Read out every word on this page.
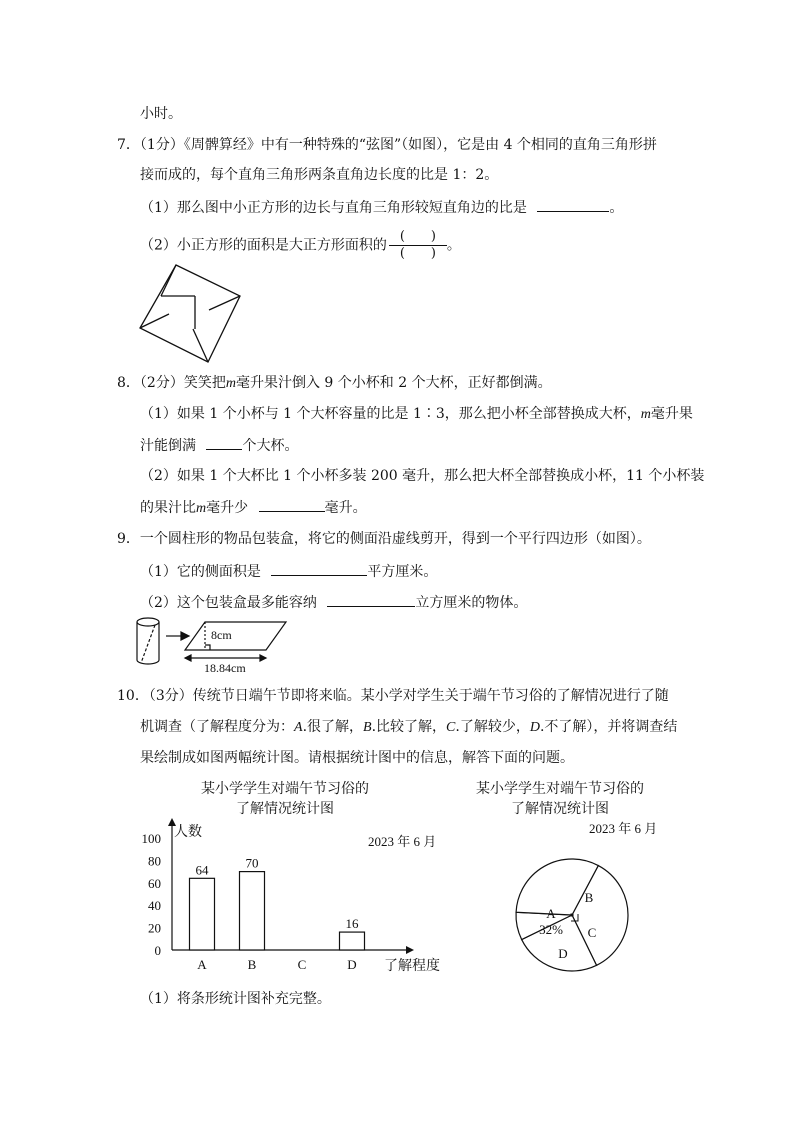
小时。
7．（1分）《周髀算经》中有一种特殊的“弦图”（如图），它是由 4 个相同的直角三角形拼
接而成的，每个直角三角形两条直角边长度的比是 1：2。
（1）那么图中小正方形的边长与直角三角形较短直角边的比是	。
（2）小正方形的面积是大正方形面积的 $\frac{( )}{( )}$ 。
8．（2分）笑笑把m毫升果汁倒入 9 个小杯和 2 个大杯，正好都倒满。
（1）如果 1 个小杯与 1 个大杯容量的比是 1∶3，那么把小杯全部替换成大杯，m毫升果
汁能倒满	个大杯。
（2）如果 1 个大杯比 1 个小杯多装 200 毫升，那么把大杯全部替换成小杯，11 个小杯装
的果汁比m毫升少	毫升。
9．一个圆柱形的物品包装盒，将它的侧面沿虚线剪开，得到一个平行四边形（如图）。
（1）它的侧面积是	平方厘米。
（2）这个包装盒最多能容纳	立方厘米的物体。
8cm
18.84cm
10．（3分）传统节日端午节即将来临。某小学对学生关于端午节习俗的了解情况进行了随
机调查（了解程度分为：A.很了解，B.比较了解，C.了解较少，D.不了解），并将调查结
果绘制成如图两幅统计图。请根据统计图中的信息，解答下面的问题。
某小学学生对端午节习俗的
了解情况统计图
0
20
40
60
80
100 人数
了解程度
2023 年 6 月
A
64
B
70
C	D
16
某小学学生对端午节习俗的
了解情况统计图
2023 年 6 月
A
32%
B
C
D
（1）将条形统计图补充完整。
